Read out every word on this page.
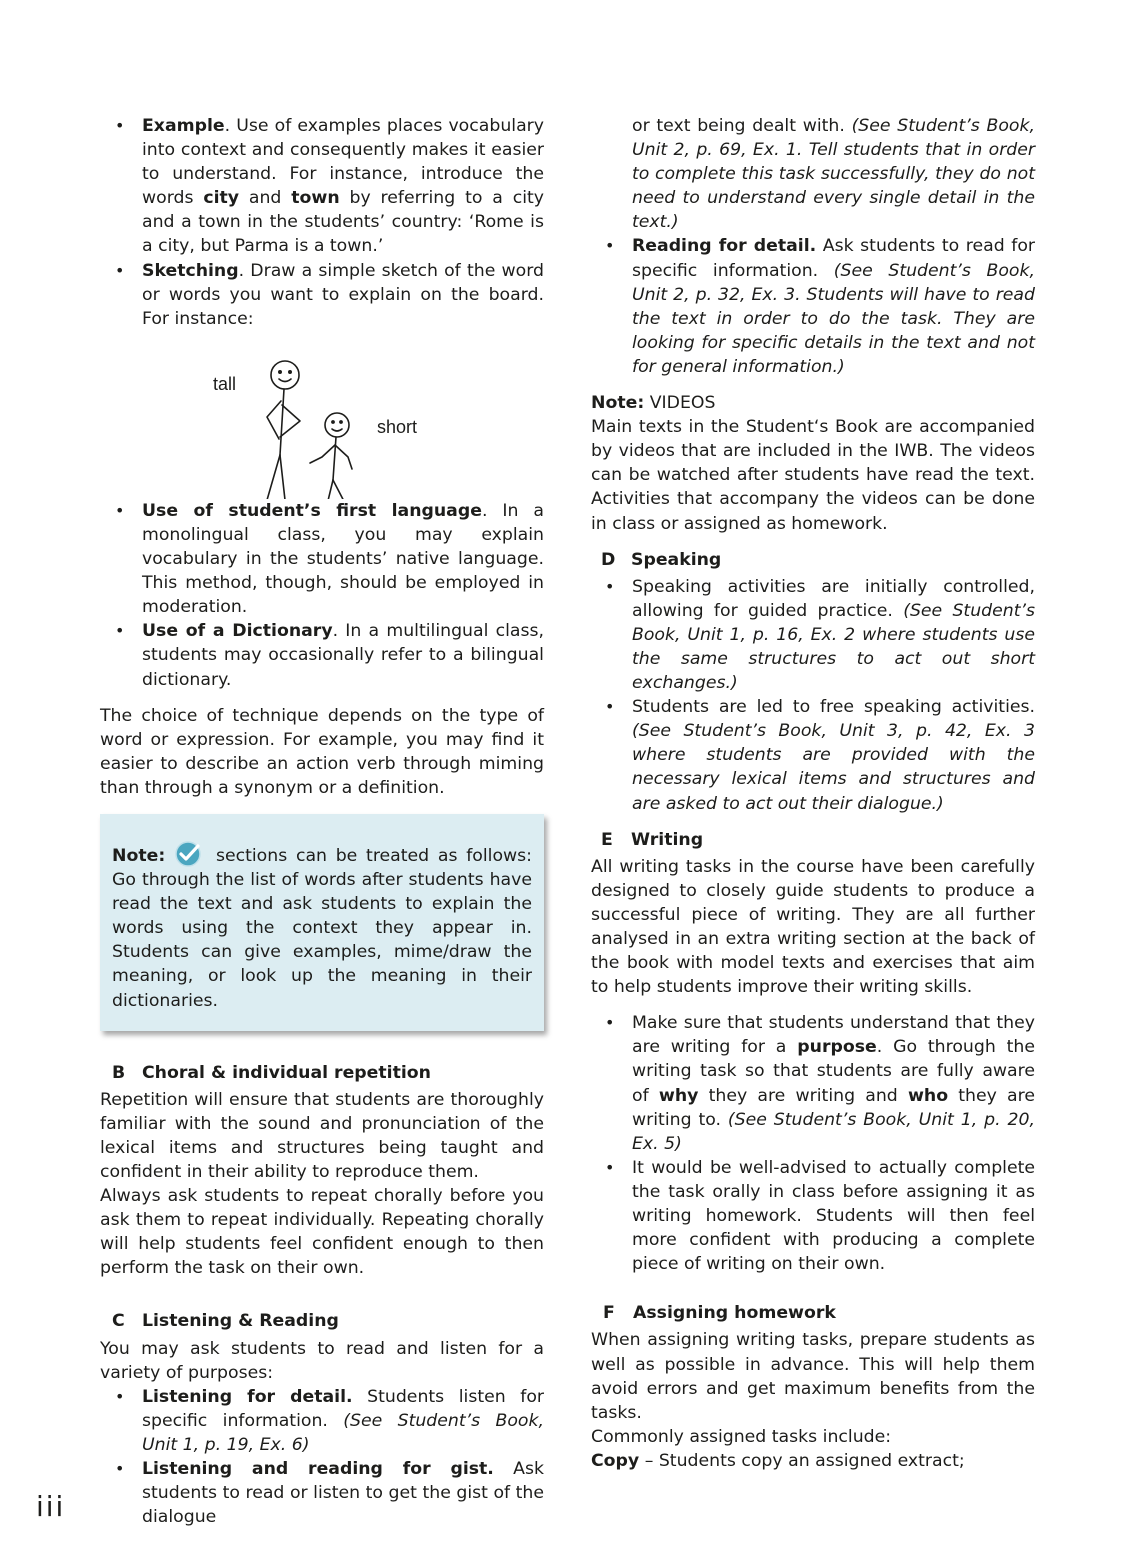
• Example. Use of examples places vocabulary into context and consequently makes it easier to understand. For instance, introduce the words city and town by referring to a city and a town in the students’ country: ‘Rome is a city, but Parma is a town.’
• Sketching. Draw a simple sketch of the word or words you want to explain on the board. For instance:
tall
short
• Use of student’s first language. In a monolingual class, you may explain vocabulary in the students’ native language. This method, though, should be employed in moderation.
• Use of a Dictionary. In a multilingual class, students may occasionally refer to a bilingual dictionary.

The choice of technique depends on the type of word or expression. For example, you may find it easier to describe an action verb through miming than through a synonym or a definition.

Note: sections can be treated as follows: Go through the list of words after students have read the text and ask students to explain the words using the context they appear in. Students can give examples, mime/draw the meaning, or look up the meaning in their dictionaries.

B Choral & individual repetition

Repetition will ensure that students are thoroughly familiar with the sound and pronunciation of the lexical items and structures being taught and confident in their ability to reproduce them.

Always ask students to repeat chorally before you ask them to repeat individually. Repeating chorally will help students feel confident enough to then perform the task on their own.

C Listening & Reading

You may ask students to read and listen for a variety of purposes:

• Listening for detail. Students listen for specific information. (See Student’s Book, Unit 1, p. 19, Ex. 6)
• Listening and reading for gist. Ask students to read or listen to get the gist of the dialogue
or text being dealt with. (See Student’s Book, Unit 2, p. 69, Ex. 1. Tell students that in order to complete this task successfully, they do not need to understand every single detail in the text.)
• Reading for detail. Ask students to read for specific information. (See Student’s Book, Unit 2, p. 32, Ex. 3. Students will have to read the text in order to do the task. They are looking for specific details in the text and not for general information.)

Note: VIDEOS

Main texts in the Student‘s Book are accompanied by videos that are included in the IWB. The videos can be watched after students have read the text. Activities that accompany the videos can be done in class or assigned as homework.

D Speaking

• Speaking activities are initially controlled, allowing for guided practice. (See Student’s Book, Unit 1, p. 16, Ex. 2 where students use the same structures to act out short exchanges.)
• Students are led to free speaking activities. (See Student’s Book, Unit 3, p. 42, Ex. 3 where students are provided with the necessary lexical items and structures and are asked to act out their dialogue.)

E Writing

All writing tasks in the course have been carefully designed to closely guide students to produce a successful piece of writing. They are all further analysed in an extra writing section at the back of the book with model texts and exercises that aim to help students improve their writing skills.

• Make sure that students understand that they are writing for a purpose. Go through the writing task so that students are fully aware of why they are writing and who they are writing to. (See Student’s Book, Unit 1, p. 20, Ex. 5)
• It would be well-advised to actually complete the task orally in class before assigning it as writing homework. Students will then feel more confident with producing a complete piece of writing on their own.

F Assigning homework

When assigning writing tasks, prepare students as well as possible in advance. This will help them avoid errors and get maximum benefits from the tasks.

Commonly assigned tasks include:

Copy – Students copy an assigned extract;

iii
